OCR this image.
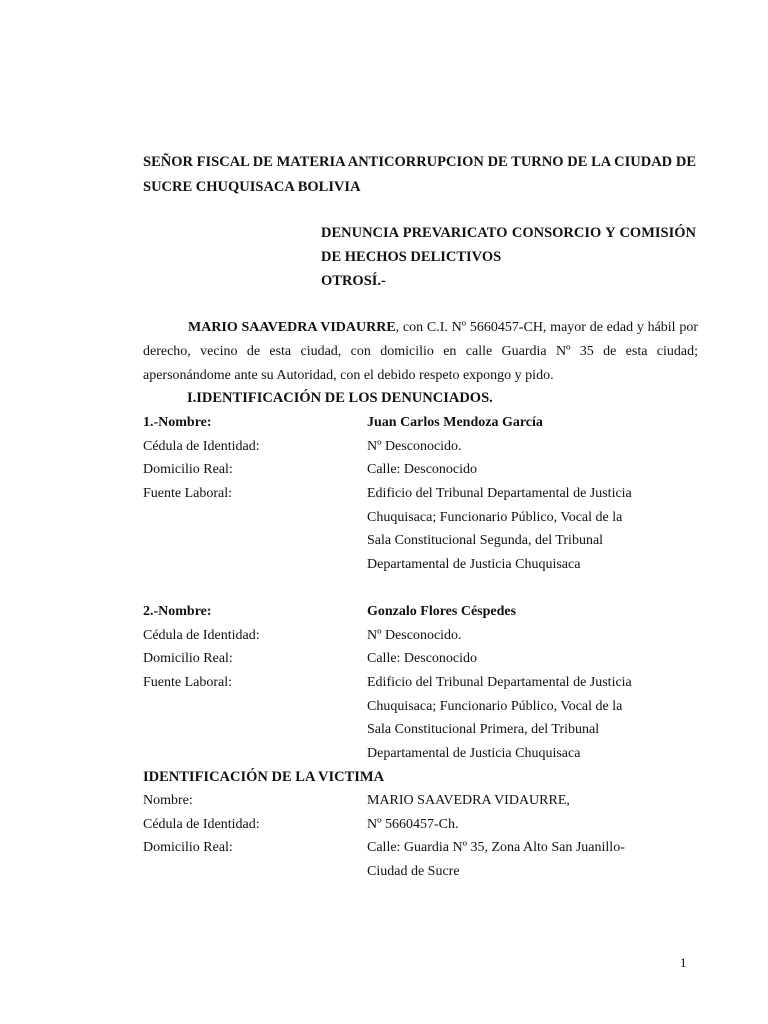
SEÑOR FISCAL DE MATERIA ANTICORRUPCION DE TURNO DE LA CIUDAD DE SUCRE CHUQUISACA BOLIVIA
DENUNCIA PREVARICATO CONSORCIO Y COMISIÓN DE HECHOS DELICTIVOS
OTROSÍ.-
MARIO SAAVEDRA VIDAURRE, con C.I. Nº 5660457-CH, mayor de edad y hábil por derecho, vecino de esta ciudad, con domicilio en calle Guardia Nº 35 de esta ciudad; apersonándome ante su Autoridad, con el debido respeto expongo y pido.
I.IDENTIFICACIÓN DE LOS DENUNCIADOS.
1.-Nombre:	Juan Carlos Mendoza García
Cédula de Identidad:	Nº Desconocido.
Domicilio Real:	Calle: Desconocido
Fuente Laboral:	Edificio del Tribunal Departamental de Justicia
Chuquisaca; Funcionario Público, Vocal de la
Sala Constitucional Segunda, del Tribunal
Departamental de Justicia Chuquisaca
2.-Nombre:	Gonzalo Flores Céspedes
Cédula de Identidad:	Nº Desconocido.
Domicilio Real:	Calle: Desconocido
Fuente Laboral:	Edificio del Tribunal Departamental de Justicia
Chuquisaca; Funcionario Público, Vocal de la
Sala Constitucional Primera, del Tribunal
Departamental de Justicia Chuquisaca
IDENTIFICACIÓN DE LA VICTIMA
Nombre:	MARIO SAAVEDRA VIDAURRE,
Cédula de Identidad:	Nº 5660457-Ch.
Domicilio Real:	Calle: Guardia Nº 35, Zona Alto San Juanillo-
Ciudad de Sucre
1
